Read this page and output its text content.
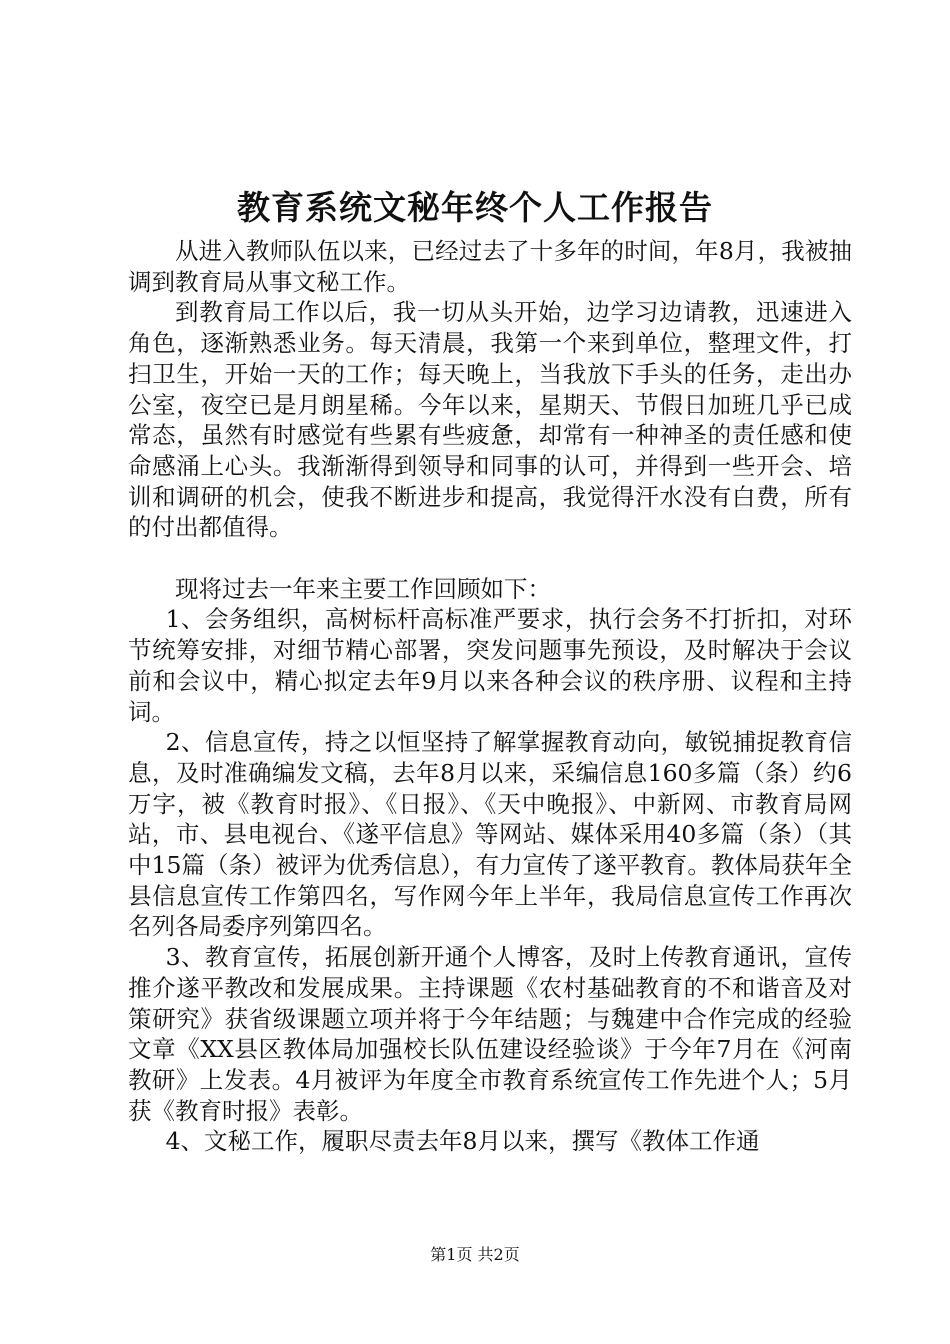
教育系统文秘年终个人工作报告

从进入教师队伍以来，已经过去了十多年的时间，年8月，我被抽调到教育局从事文秘工作。

到教育局工作以后，我一切从头开始，边学习边请教，迅速进入角色，逐渐熟悉业务。每天清晨，我第一个来到单位，整理文件，打扫卫生，开始一天的工作；每天晚上，当我放下手头的任务，走出办公室，夜空已是月朗星稀。今年以来，星期天、节假日加班几乎已成常态，虽然有时感觉有些累有些疲惫，却常有一种神圣的责任感和使命感涌上心头。我渐渐得到领导和同事的认可，并得到一些开会、培训和调研的机会，使我不断进步和提高，我觉得汗水没有白费，所有的付出都值得。

现将过去一年来主要工作回顾如下：

1、会务组织，高树标杆高标准严要求，执行会务不打折扣，对环节统筹安排，对细节精心部署，突发问题事先预设，及时解决于会议前和会议中，精心拟定去年9月以来各种会议的秩序册、议程和主持词。

2、信息宣传，持之以恒坚持了解掌握教育动向，敏锐捕捉教育信息，及时准确编发文稿，去年8月以来，采编信息160多篇（条）约6万字，被《教育时报》、《日报》、《天中晚报》、中新网、市教育局网站，市、县电视台、《遂平信息》等网站、媒体采用40多篇（条）（其中15篇（条）被评为优秀信息），有力宣传了遂平教育。教体局获年全县信息宣传工作第四名，写作网今年上半年，我局信息宣传工作再次名列各局委序列第四名。

3、教育宣传，拓展创新开通个人博客，及时上传教育通讯，宣传推介遂平教改和发展成果。主持课题《农村基础教育的不和谐音及对策研究》获省级课题立项并将于今年结题；与魏建中合作完成的经验文章《XX县区教体局加强校长队伍建设经验谈》于今年7月在《河南教研》上发表。4月被评为年度全市教育系统宣传工作先进个人；5月获《教育时报》表彰。

4、文秘工作，履职尽责去年8月以来，撰写《教体工作通

第1页 共2页
